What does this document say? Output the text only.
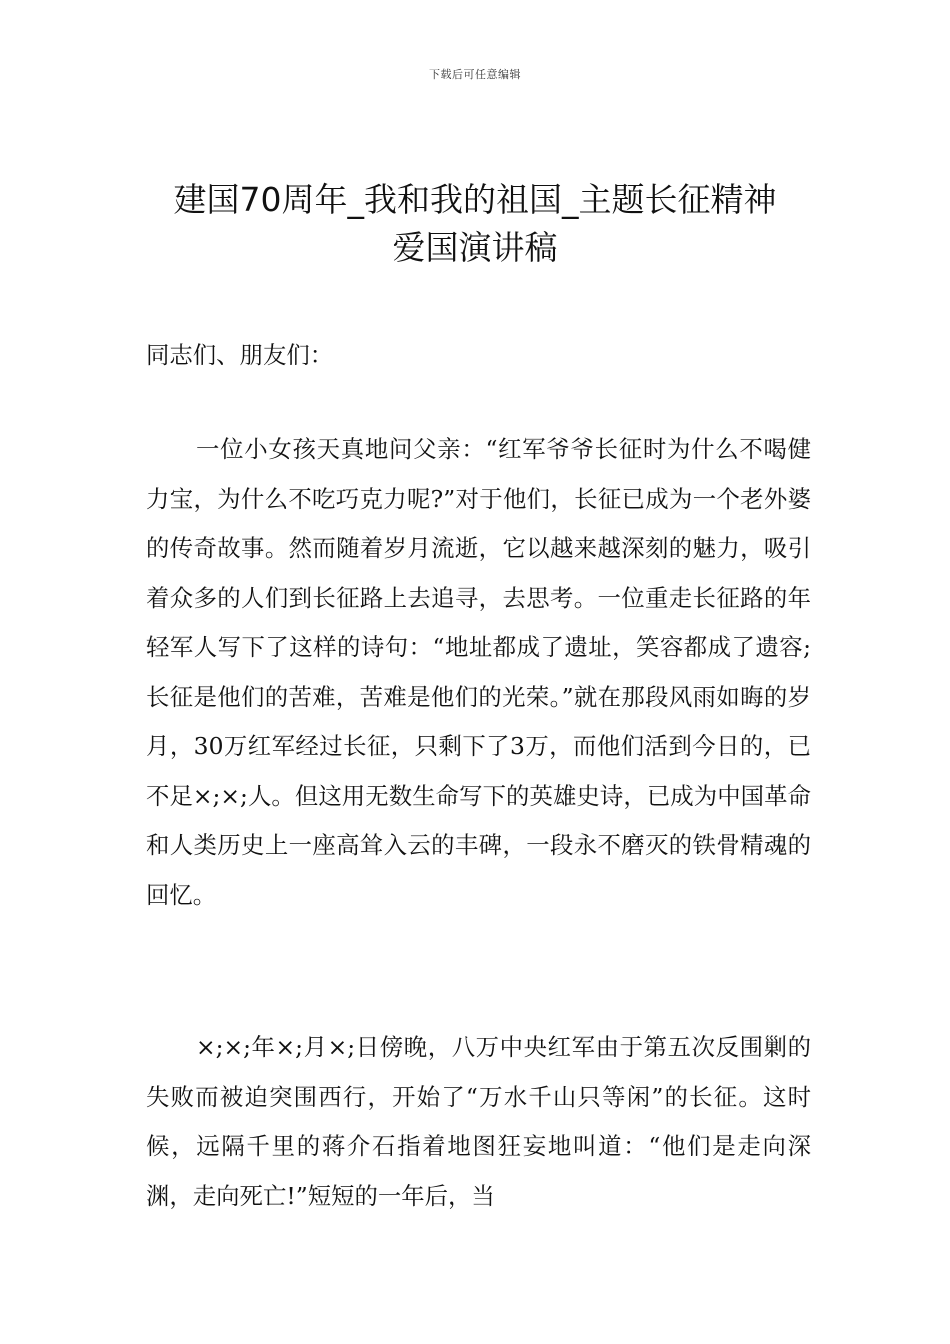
下载后可任意编辑
建国70周年_我和我的祖国_主题长征精神
爱国演讲稿

同志们、朋友们：

一位小女孩天真地问父亲：“红军爷爷长征时为什么不喝健力宝，为什么不吃巧克力呢?”对于他们，长征已成为一个老外婆的传奇故事。然而随着岁月流逝，它以越来越深刻的魅力，吸引着众多的人们到长征路上去追寻，去思考。一位重走长征路的年轻军人写下了这样的诗句：“地址都成了遗址，笑容都成了遗容;长征是他们的苦难，苦难是他们的光荣。”就在那段风雨如晦的岁月，30万红军经过长征，只剩下了3万，而他们活到今日的，已不足×;×;人。但这用无数生命写下的英雄史诗，已成为中国革命和人类历史上一座高耸入云的丰碑，一段永不磨灭的铁骨精魂的回忆。

×;×;年×;月×;日傍晚，八万中央红军由于第五次反围剿的失败而被迫突围西行，开始了“万水千山只等闲”的长征。这时候，远隔千里的蒋介石指着地图狂妄地叫道：“他们是走向深渊，走向死亡!”短短的一年后，当
